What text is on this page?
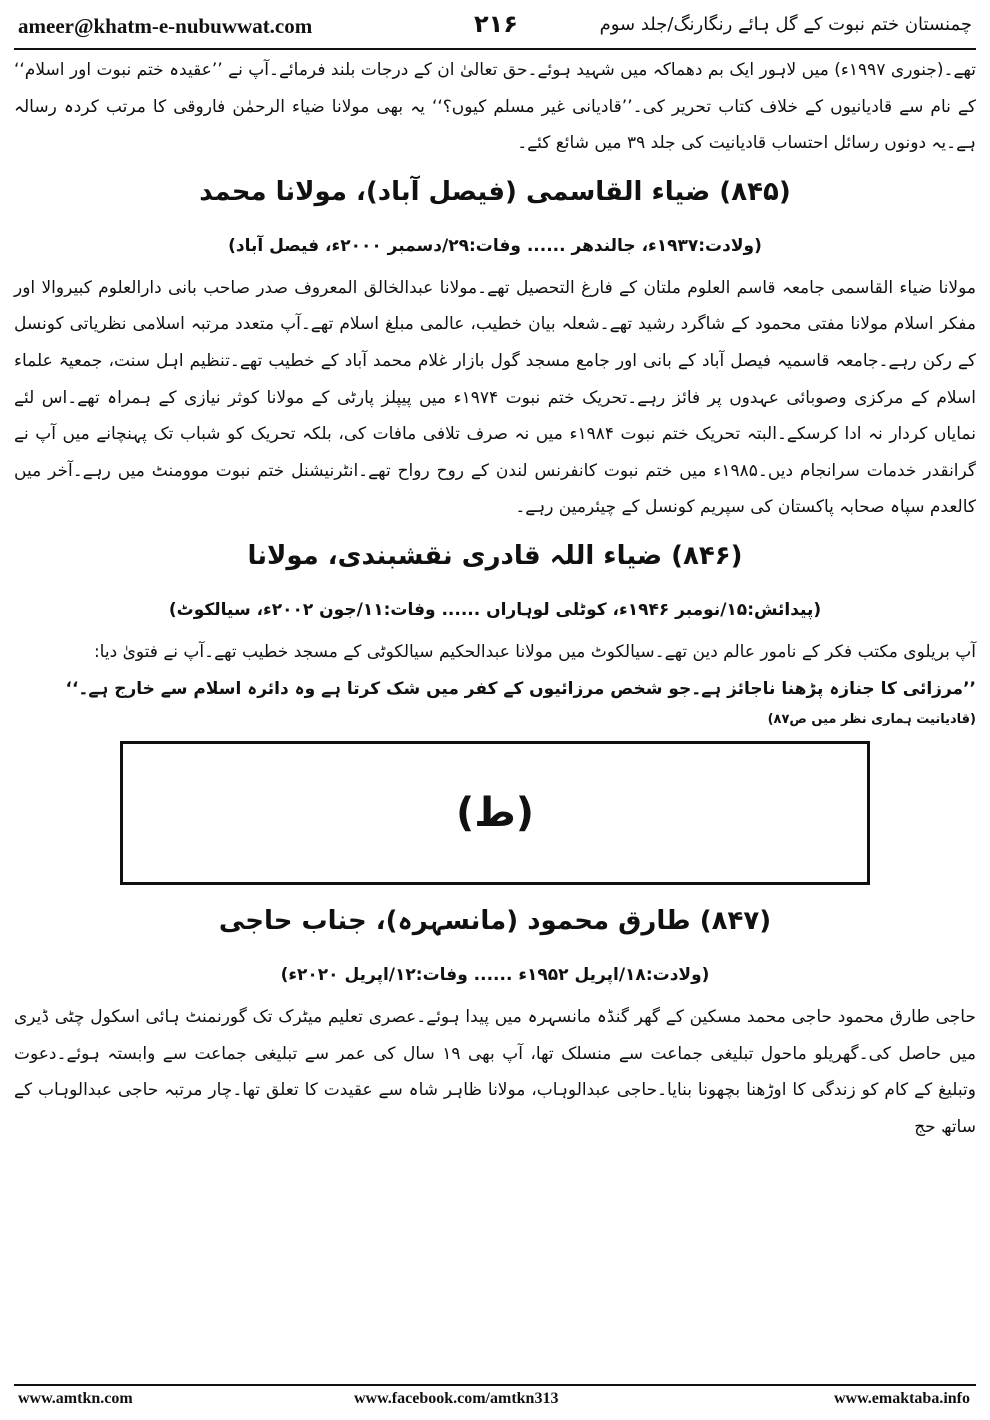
ameer@khatm-e-nubuwwat.com	۲۱۶	چمنستان ختم نبوت کے گل ہائے رنگارنگ/جلد سوم

تھے۔(جنوری ۱۹۹۷ء) میں لاہور ایک بم دھماکہ میں شہید ہوئے۔حق تعالیٰ ان کے درجات بلند فرمائے۔آپ نے ’’عقیدہ ختم نبوت اور اسلام‘‘ کے نام سے قادیانیوں کے خلاف کتاب تحریر کی۔’’قادیانی غیر مسلم کیوں؟‘‘ یہ بھی مولانا ضیاء الرحمٰن فاروقی کا مرتب کردہ رسالہ ہے۔یہ دونوں رسائل احتساب قادیانیت کی جلد ۳۹ میں شائع کئے۔

(۸۴۵) ضیاء القاسمی (فیصل آباد)، مولانا محمد

(ولادت:۱۹۳۷ء، جالندھر ...... وفات:۲۹/دسمبر ۲۰۰۰ء، فیصل آباد)

مولانا ضیاء القاسمی جامعہ قاسم العلوم ملتان کے فارغ التحصیل تھے۔مولانا عبدالخالق المعروف صدر صاحب بانی دارالعلوم کبیروالا اور مفکر اسلام مولانا مفتی محمود کے شاگرد رشید تھے۔شعلہ بیان خطیب، عالمی مبلغ اسلام تھے۔آپ متعدد مرتبہ اسلامی نظریاتی کونسل کے رکن رہے۔جامعہ قاسمیہ فیصل آباد کے بانی اور جامع مسجد گول بازار غلام محمد آباد کے خطیب تھے۔تنظیم اہل سنت، جمعیۃ علماء اسلام کے مرکزی وصوبائی عہدوں پر فائز رہے۔تحریک ختم نبوت ۱۹۷۴ء میں پیپلز پارٹی کے مولانا کوثر نیازی کے ہمراہ تھے۔اس لئے نمایاں کردار نہ ادا کرسکے۔البتہ تحریک ختم نبوت ۱۹۸۴ء میں نہ صرف تلافی مافات کی، بلکہ تحریک کو شباب تک پہنچانے میں آپ نے گرانقدر خدمات سرانجام دیں۔۱۹۸۵ء میں ختم نبوت کانفرنس لندن کے روح رواح تھے۔انٹرنیشنل ختم نبوت موومنٹ میں رہے۔آخر میں کالعدم سپاہ صحابہ پاکستان کی سپریم کونسل کے چیئرمین رہے۔

(۸۴۶) ضیاء اللہ قادری نقشبندی، مولانا

(پیدائش:۱۵/نومبر ۱۹۴۶ء، کوٹلی لوہاراں ...... وفات:۱۱/جون ۲۰۰۲ء، سیالکوٹ)

آپ بریلوی مکتب فکر کے نامور عالم دین تھے۔سیالکوٹ میں مولانا عبدالحکیم سیالکوٹی کے مسجد خطیب تھے۔آپ نے فتویٰ دیا:

’’مرزائی کا جنازہ پڑھنا ناجائز ہے۔جو شخص مرزائیوں کے کفر میں شک کرتا ہے وہ دائرہ اسلام سے خارج ہے۔‘‘

(قادیانیت ہماری نظر میں ص۸۷)

(ط)

(۸۴۷) طارق محمود (مانسہرہ)، جناب حاجی

(ولادت:۱۸/اپریل ۱۹۵۲ء ...... وفات:۱۲/اپریل ۲۰۲۰ء)

حاجی طارق محمود حاجی محمد مسکین کے گھر گنڈہ مانسہرہ میں پیدا ہوئے۔عصری تعلیم میٹرک تک گورنمنٹ ہائی اسکول چٹی ڈیری میں حاصل کی۔گھریلو ماحول تبلیغی جماعت سے منسلک تھا، آپ بھی ۱۹ سال کی عمر سے تبلیغی جماعت سے وابستہ ہوئے۔دعوت وتبلیغ کے کام کو زندگی کا اوڑھنا بچھونا بنایا۔حاجی عبدالوہاب، مولانا ظاہر شاہ سے عقیدت کا تعلق تھا۔چار مرتبہ حاجی عبدالوہاب کے ساتھ حج

www.amtkn.com	www.facebook.com/amtkn313	www.emaktaba.info
